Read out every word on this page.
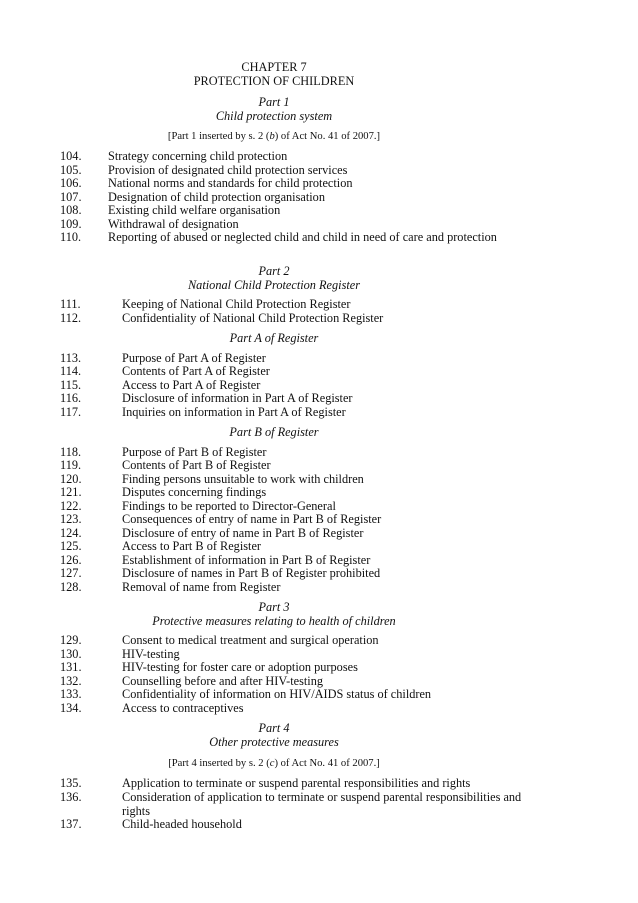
CHAPTER 7
PROTECTION OF CHILDREN
Part 1
Child protection system
[Part 1 inserted by s. 2 (b) of Act No. 41 of 2007.]
104. Strategy concerning child protection
105. Provision of designated child protection services
106. National norms and standards for child protection
107. Designation of child protection organisation
108. Existing child welfare organisation
109. Withdrawal of designation
110. Reporting of abused or neglected child and child in need of care and protection
Part 2
National Child Protection Register
111.	Keeping of National Child Protection Register
112.	Confidentiality of National Child Protection Register
Part A of Register
113.	Purpose of Part A of Register
114.	Contents of Part A of Register
115.	Access to Part A of Register
116.	Disclosure of information in Part A of Register
117.	Inquiries on information in Part A of Register
Part B of Register
118.	Purpose of Part B of Register
119.	Contents of Part B of Register
120.	Finding persons unsuitable to work with children
121.	Disputes concerning findings
122.	Findings to be reported to Director-General
123.	Consequences of entry of name in Part B of Register
124.	Disclosure of entry of name in Part B of Register
125.	Access to Part B of Register
126.	Establishment of information in Part B of Register
127.	Disclosure of names in Part B of Register prohibited
128.	Removal of name from Register
Part 3
Protective measures relating to health of children
129.	Consent to medical treatment and surgical operation
130.	HIV-testing
131.	HIV-testing for foster care or adoption purposes
132.	Counselling before and after HIV-testing
133.	Confidentiality of information on HIV/AIDS status of children
134.	Access to contraceptives
Part 4
Other protective measures
[Part 4 inserted by s. 2 (c) of Act No. 41 of 2007.]
135.	Application to terminate or suspend parental responsibilities and rights
136.	Consideration of application to terminate or suspend parental responsibilities and rights
137.	Child-headed household
